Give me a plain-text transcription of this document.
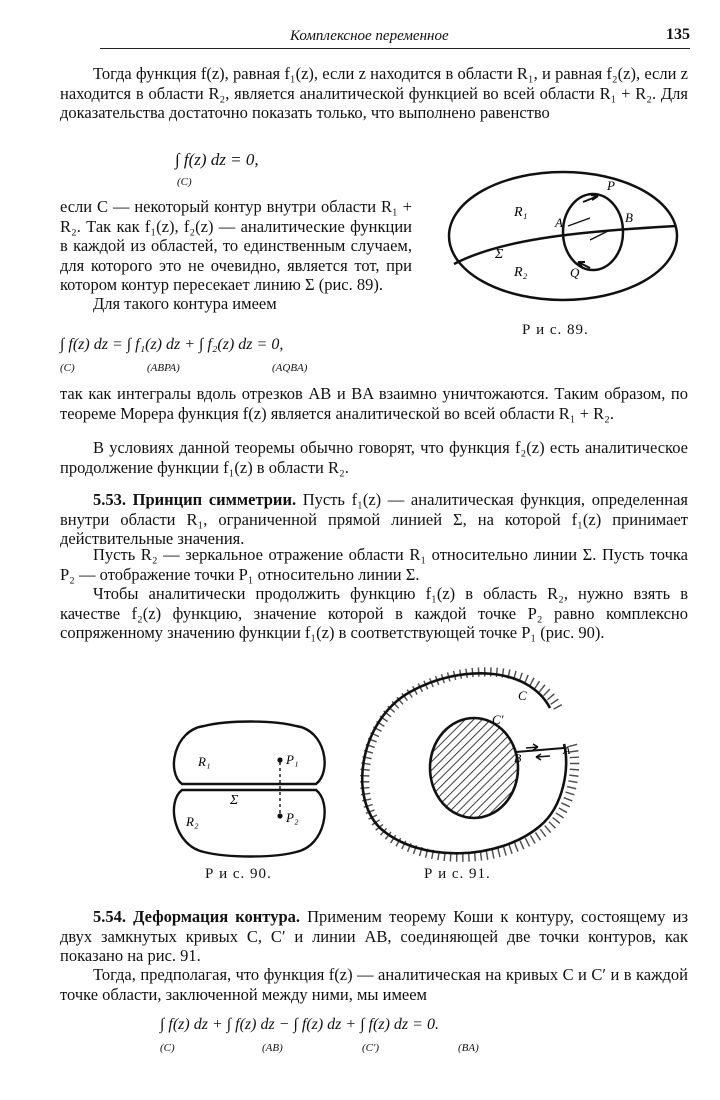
Комплексное переменное	135

Тогда функция f(z), равная f₁(z), если z находится в области R₁, и равная f₂(z), если z находится в области R₂, является аналитической функцией во всей области R₁ + R₂. Для доказательства достаточно показать только, что выполнено равенство

∫ f(z) dz = 0,
(C)

если C — некоторый контур внутри области R₁ + R₂. Так как f₁(z), f₂(z) — аналитические функции в каждой из областей, то единственным случаем, для которого это не очевидно, является тот, при котором контур пересекает линию Σ (рис. 89).

Для такого контура имеем

∫ f(z) dz = ∫ f₁(z) dz + ∫ f₂(z) dz = 0,
(C)	(ABPA)	(AQBA)
R₁
R₂
Σ
A	B
P
Q
Р и с. 89.

так как интегралы вдоль отрезков AB и BA взаимно уничтожаются. Таким образом, по теореме Морера функция f(z) является аналитической во всей области R₁ + R₂.

В условиях данной теоремы обычно говорят, что функция f₂(z) есть аналитическое продолжение функции f₁(z) в области R₂.

5.53. Принцип симметрии. Пусть f₁(z) — аналитическая функция, определенная внутри области R₁, ограниченной прямой линией Σ, на которой f₁(z) принимает действительные значения.

Пусть R₂ — зеркальное отражение области R₁ относительно линии Σ. Пусть точка P₂ — отображение точки P₁ относительно линии Σ.

Чтобы аналитически продолжить функцию f₁(z) в область R₂, нужно взять в качестве f₂(z) функцию, значение которой в каждой точке P₂ равно комплексно сопряженному значению функции f₁(z) в соответствующей точке P₁ (рис. 90).

R₁
R₂
Σ
P₁
P₂
Р и с. 90.
C
C′
B
A
Р и с. 91.

5.54. Деформация контура. Применим теорему Коши к контуру, состоящему из двух замкнутых кривых C, C′ и линии AB, соединяющей две точки контуров, как показано на рис. 91.

Тогда, предполагая, что функция f(z) — аналитическая на кривых C и C′ и в каждой точке области, заключенной между ними, мы имеем

∫ f(z) dz + ∫ f(z) dz − ∫ f(z) dz + ∫ f(z) dz = 0.
(C)	(AB)	(C′)	(BA)
